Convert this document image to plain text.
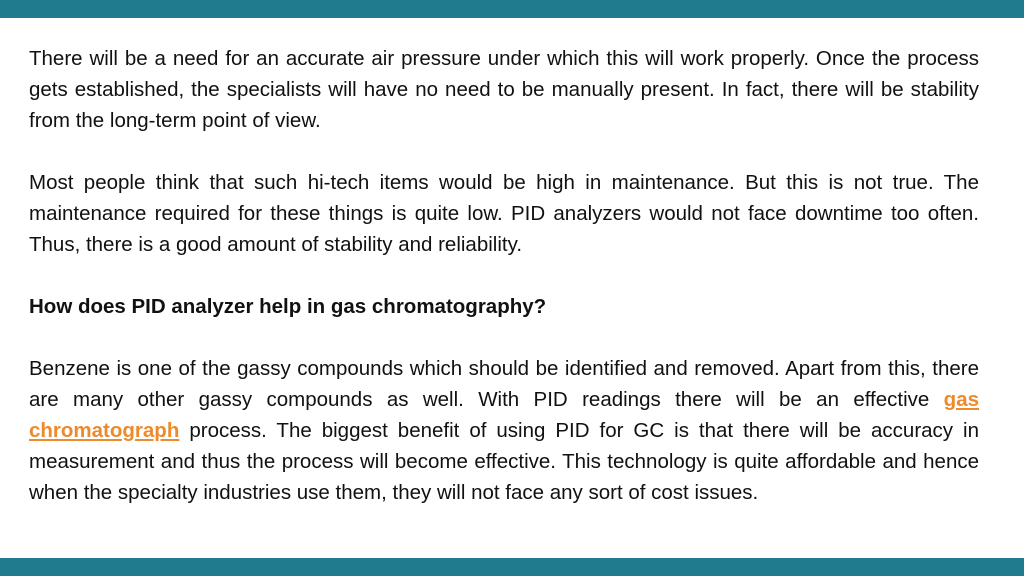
There will be a need for an accurate air pressure under which this will work properly. Once the process gets established, the specialists will have no need to be manually present. In fact, there will be stability from the long-term point of view.

Most people think that such hi-tech items would be high in maintenance. But this is not true. The maintenance required for these things is quite low. PID analyzers would not face downtime too often. Thus, there is a good amount of stability and reliability.

How does PID analyzer help in gas chromatography?

Benzene is one of the gassy compounds which should be identified and removed. Apart from this, there are many other gassy compounds as well. With PID readings there will be an effective gas chromatograph process. The biggest benefit of using PID for GC is that there will be accuracy in measurement and thus the process will become effective. This technology is quite affordable and hence when the specialty industries use them, they will not face any sort of cost issues.
